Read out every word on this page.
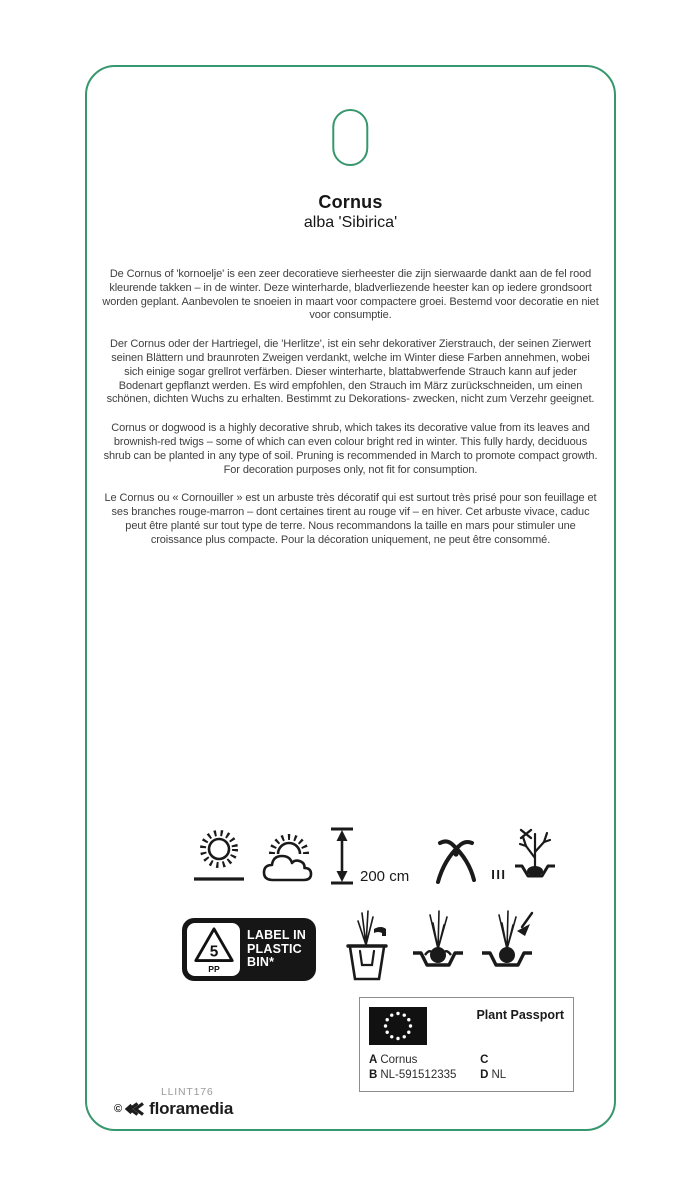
Cornus
alba 'Sibirica'

De Cornus of 'kornoelje' is een zeer decoratieve sierheester die zijn sierwaarde dankt aan de fel rood kleurende takken – in de winter. Deze winterharde, bladverliezende heester kan op iedere grondsoort worden geplant. Aanbevolen te snoeien in maart voor compactere groei. Bestemd voor decoratie en niet voor consumptie.

Der Cornus oder der Hartriegel, die 'Herlitze', ist ein sehr dekorativer Zierstrauch, der seinen Zierwert seinen Blättern und braunroten Zweigen verdankt, welche im Winter diese Farben annehmen, wobei sich einige sogar grellrot verfärben. Dieser winterharte, blattabwerfende Strauch kann auf jeder Bodenart gepflanzt werden. Es wird empfohlen, den Strauch im März zurückschneiden, um einen schönen, dichten Wuchs zu erhalten. Bestimmt zu Dekorations- zwecken, nicht zum Verzehr geeignet.

Cornus or dogwood is a highly decorative shrub, which takes its decorative value from its leaves and brownish-red twigs – some of which can even colour bright red in winter. This fully hardy, deciduous shrub can be planted in any type of soil. Pruning is recommended in March to promote compact growth. For decoration purposes only, not fit for consumption.

Le Cornus ou « Cornouiller » est un arbuste très décoratif qui est surtout très prisé pour son feuillage et ses branches rouge-marron – dont certaines tirent au rouge vif – en hiver. Cet arbuste vivace, caduc peut être planté sur tout type de terre. Nous recommandons la taille en mars pour stimuler une croissance plus compacte. Pour la décoration uniquement, ne peut être consommé.

200 cm	III
5
PP
LABEL IN
PLASTIC
BIN*
Plant Passport
A Cornus	C
B NL-591512335	D NL
LLINT176
© floramedia
